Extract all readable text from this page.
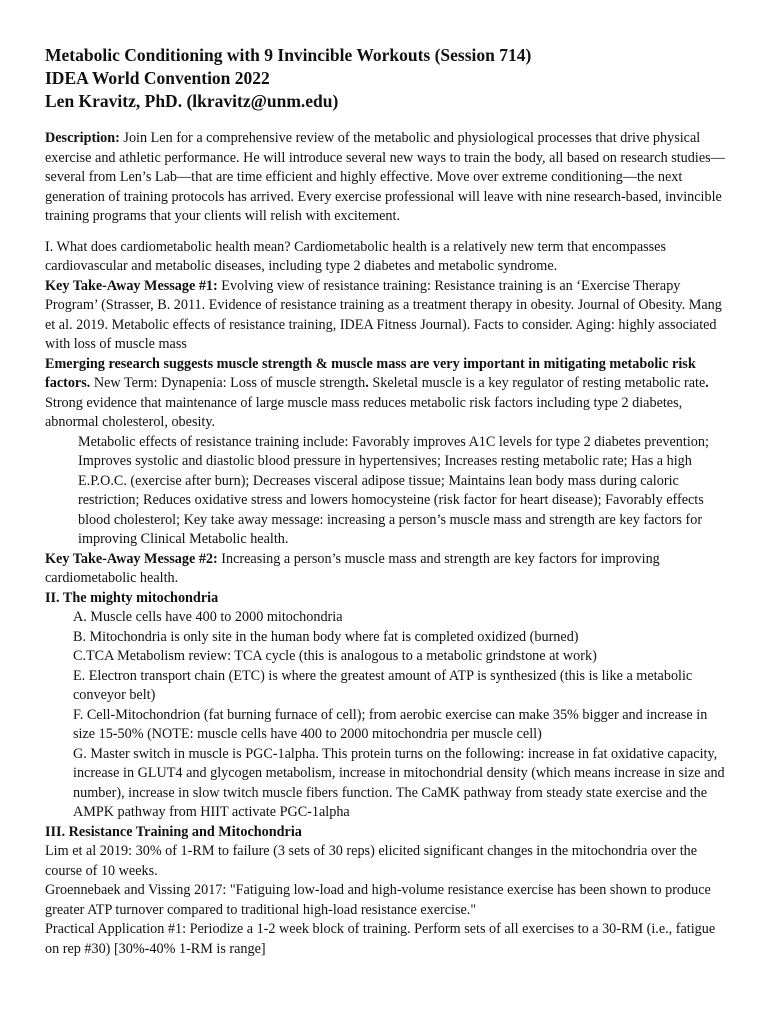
Metabolic Conditioning with 9 Invincible Workouts (Session 714)
IDEA World Convention 2022
Len Kravitz, PhD. (lkravitz@unm.edu)
Description: Join Len for a comprehensive review of the metabolic and physiological processes that drive physical exercise and athletic performance. He will introduce several new ways to train the body, all based on research studies—several from Len’s Lab—that are time efficient and highly effective. Move over extreme conditioning—the next generation of training protocols has arrived. Every exercise professional will leave with nine research-based, invincible training programs that your clients will relish with excitement.
I. What does cardiometabolic health mean? Cardiometabolic health is a relatively new term that encompasses cardiovascular and metabolic diseases, including type 2 diabetes and metabolic syndrome.
Key Take-Away Message #1: Evolving view of resistance training: Resistance training is an ‘Exercise Therapy Program’ (Strasser, B. 2011. Evidence of resistance training as a treatment therapy in obesity. Journal of Obesity. Mang et al. 2019. Metabolic effects of resistance training, IDEA Fitness Journal). Facts to consider. Aging: highly associated with loss of muscle mass
Emerging research suggests muscle strength & muscle mass are very important in mitigating metabolic risk factors. New Term: Dynapenia: Loss of muscle strength. Skeletal muscle is a key regulator of resting metabolic rate. Strong evidence that maintenance of large muscle mass reduces metabolic risk factors including type 2 diabetes, abnormal cholesterol, obesity.
Metabolic effects of resistance training include: Favorably improves A1C levels for type 2 diabetes prevention; Improves systolic and diastolic blood pressure in hypertensives; Increases resting metabolic rate; Has a high E.P.O.C. (exercise after burn); Decreases visceral adipose tissue; Maintains lean body mass during caloric restriction; Reduces oxidative stress and lowers homocysteine (risk factor for heart disease); Favorably effects blood cholesterol; Key take away message: increasing a person’s muscle mass and strength are key factors for improving Clinical Metabolic health.
Key Take-Away Message #2: Increasing a person’s muscle mass and strength are key factors for improving cardiometabolic health.
II. The mighty mitochondria
A. Muscle cells have 400 to 2000 mitochondria
B. Mitochondria is only site in the human body where fat is completed oxidized (burned)
C.TCA Metabolism review: TCA cycle (this is analogous to a metabolic grindstone at work)
E. Electron transport chain (ETC) is where the greatest amount of ATP is synthesized (this is like a metabolic conveyor belt)
F. Cell-Mitochondrion (fat burning furnace of cell); from aerobic exercise can make 35% bigger and increase in size 15-50% (NOTE: muscle cells have 400 to 2000 mitochondria per muscle cell)
G. Master switch in muscle is PGC-1alpha. This protein turns on the following: increase in fat oxidative capacity, increase in GLUT4 and glycogen metabolism, increase in mitochondrial density (which means increase in size and number), increase in slow twitch muscle fibers function. The CaMK pathway from steady state exercise and the AMPK pathway from HIIT activate PGC-1alpha
III. Resistance Training and Mitochondria
Lim et al 2019: 30% of 1-RM to failure (3 sets of 30 reps) elicited significant changes in the mitochondria over the course of 10 weeks.
Groennebaek and Vissing 2017: "Fatiguing low-load and high-volume resistance exercise has been shown to produce greater ATP turnover compared to traditional high-load resistance exercise."
Practical Application #1: Periodize a 1-2 week block of training. Perform sets of all exercises to a 30-RM (i.e., fatigue on rep #30) [30%-40% 1-RM is range]
